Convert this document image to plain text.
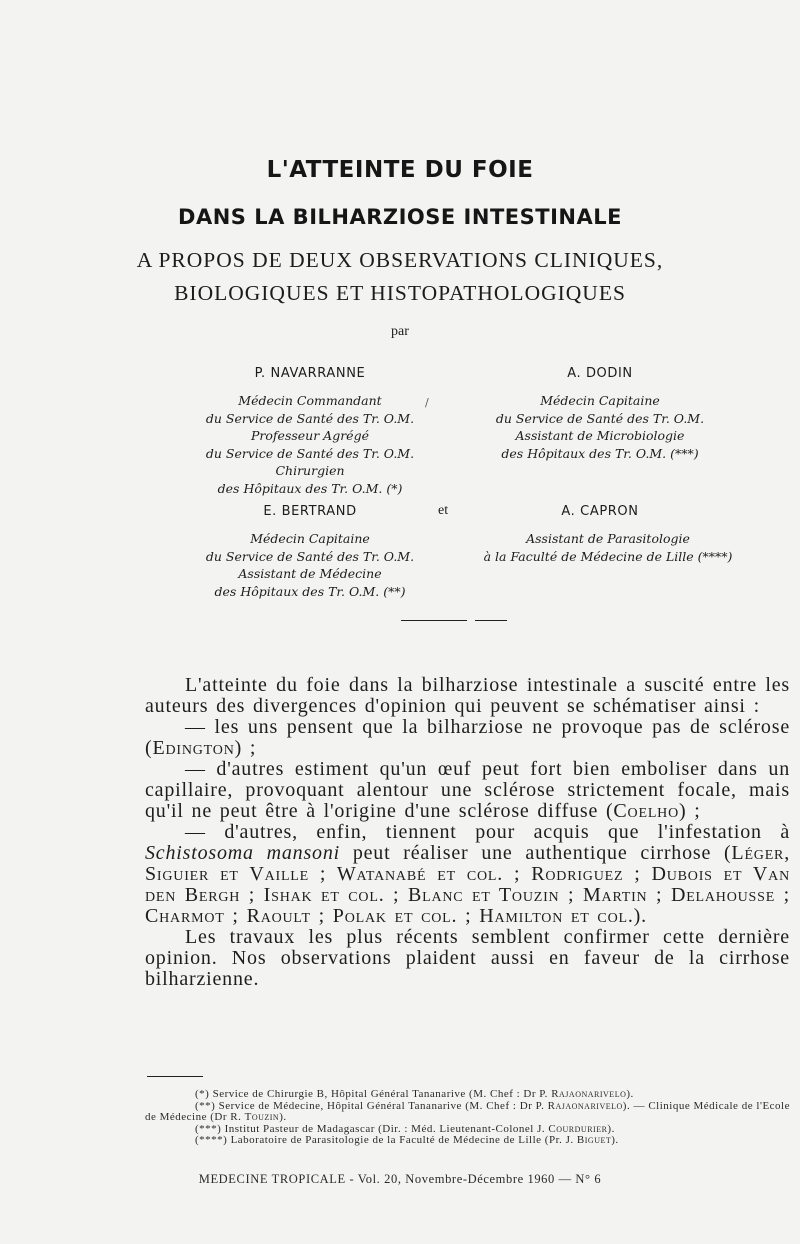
L'ATTEINTE DU FOIE
DANS LA BILHARZIOSE INTESTINALE
A PROPOS DE DEUX OBSERVATIONS CLINIQUES,
BIOLOGIQUES ET HISTOPATHOLOGIQUES
par
P. NAVARRANNE
Médecin Commandant
du Service de Santé des Tr. O.M.
Professeur Agrégé
du Service de Santé des Tr. O.M.
Chirurgien
des Hôpitaux des Tr. O.M. (*)
/
A. DODIN
Médecin Capitaine
du Service de Santé des Tr. O.M.
Assistant de Microbiologie
des Hôpitaux des Tr. O.M. (***)
E. BERTRAND
Médecin Capitaine
du Service de Santé des Tr. O.M.
Assistant de Médecine
des Hôpitaux des Tr. O.M. (**)
et	A. CAPRON
Assistant de Parasitologie
à la Faculté de Médecine de Lille (****)

L'atteinte du foie dans la bilharziose intestinale a suscité entre les auteurs des divergences d'opinion qui peuvent se schématiser ainsi :

— les uns pensent que la bilharziose ne provoque pas de sclérose (Edington) ;

— d'autres estiment qu'un œuf peut fort bien emboliser dans un capillaire, provoquant alentour une sclérose strictement focale, mais qu'il ne peut être à l'origine d'une sclérose diffuse (Coelho) ;

— d'autres, enfin, tiennent pour acquis que l'infestation à Schistosoma mansoni peut réaliser une authentique cirrhose (Léger, Siguier et Vaille ; Watanabé et col. ; Rodriguez ; Dubois et Van den Bergh ; Ishak et col. ; Blanc et Touzin ; Martin ; Delahousse ; Charmot ; Raoult ; Polak et col. ; Hamilton et col.).

Les travaux les plus récents semblent confirmer cette dernière opinion. Nos observations plaident aussi en faveur de la cirrhose bilharzienne.

(*) Service de Chirurgie B, Hôpital Général Tananarive (M. Chef : Dr P. Rajaonarivelo).

(**) Service de Médecine, Hôpital Général Tananarive (M. Chef : Dr P. Rajaonarivelo). — Clinique Médicale de l'Ecole de Médecine (Dr R. Touzin).

(***) Institut Pasteur de Madagascar (Dir. : Méd. Lieutenant-Colonel J. Courdurier).

(****) Laboratoire de Parasitologie de la Faculté de Médecine de Lille (Pr. J. Biguet).

MEDECINE TROPICALE - Vol. 20, Novembre-Décembre 1960 — N° 6
